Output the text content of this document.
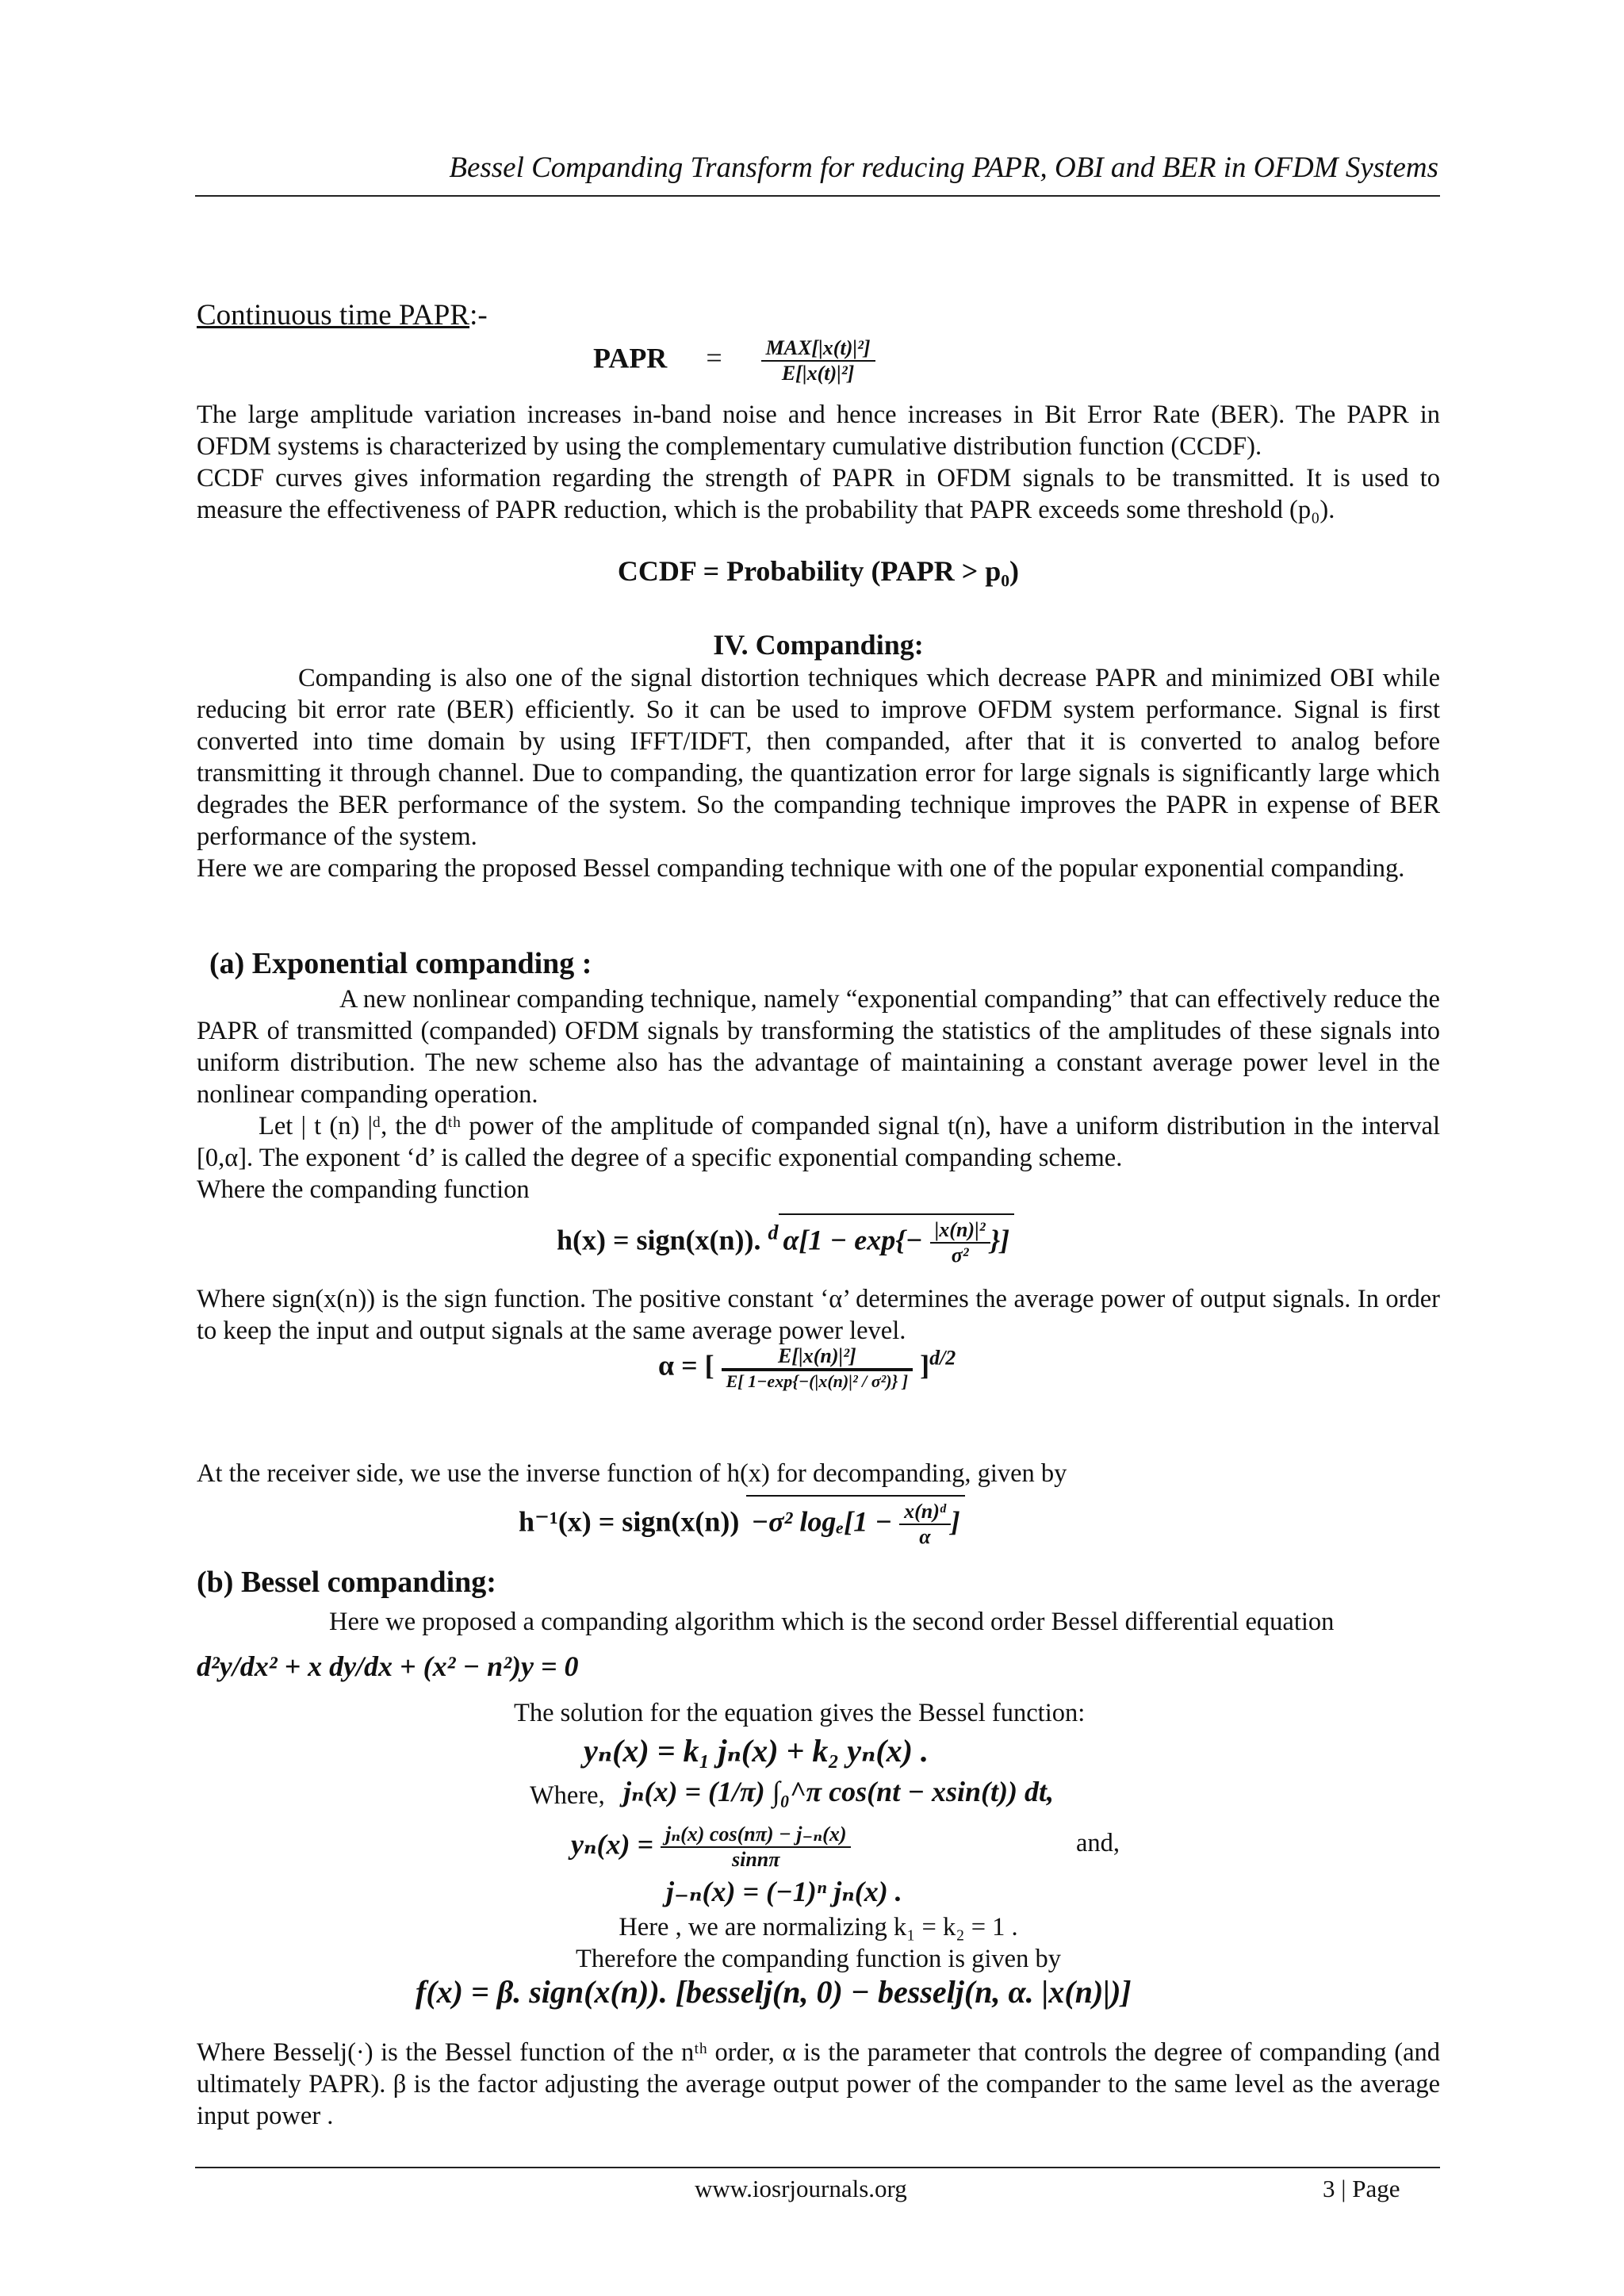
Bessel Companding Transform for reducing PAPR, OBI and BER in OFDM Systems
Continuous time PAPR:-
PAPR = $\frac{\text{MAX[|x(t)|²]}}{\text{E[|x(t)|²]}}$
The large amplitude variation increases in-band noise and hence increases in Bit Error Rate (BER). The PAPR in OFDM systems is characterized by using the complementary cumulative distribution function (CCDF).
CCDF curves gives information regarding the strength of PAPR in OFDM signals to be transmitted. It is used to measure the effectiveness of PAPR reduction, which is the probability that PAPR exceeds some threshold (p₀).
CCDF = Probability (PAPR > p₀)
IV. Companding:
Companding is also one of the signal distortion techniques which decrease PAPR and minimized OBI while reducing bit error rate (BER) efficiently. So it can be used to improve OFDM system performance. Signal is first converted into time domain by using IFFT/IDFT, then companded, after that it is converted to analog before transmitting it through channel. Due to companding, the quantization error for large signals is significantly large which degrades the BER performance of the system. So the companding technique improves the PAPR in expense of BER performance of the system.
Here we are comparing the proposed Bessel companding technique with one of the popular exponential companding.
(a) Exponential companding :
A new nonlinear companding technique, namely “exponential companding” that can effectively reduce the PAPR of transmitted (companded) OFDM signals by transforming the statistics of the amplitudes of these signals into uniform distribution. The new scheme also has the advantage of maintaining a constant average power level in the nonlinear companding operation.
Let | t (n) |ᵈ, the dᵗʰ power of the amplitude of companded signal t(n), have a uniform distribution in the interval [0,α]. The exponent ‘d’ is called the degree of a specific exponential companding scheme.
Where the companding function
h(x) = sign(x(n)). $^d$ $\alpha[1 - \exp\{- \frac{\text{|x(n)|²}}{\text{σ²}}$ }]
Where sign(x(n)) is the sign function. The positive constant ‘α’ determines the average power of output signals. In order to keep the input and output signals at the same average power level.
α = [ $\frac{\text{E[|x(n)|²]}}{\text{E[ 1−exp\{−(|x(n)|² / σ²)\} ]}} ]^{d/2}$
At the receiver side, we use the inverse function of h(x) for decompanding, given by
h⁻¹(x) = sign(x(n)) −σ² $\log_e[1 - \frac{\text{x(n)ᵈ}}{\alpha}$ ]
(b) Bessel companding:
Here we proposed a companding algorithm which is the second order Bessel differential equation
d²y/dx² + x dy/dx + (x² − n²)y = 0
The solution for the equation gives the Bessel function:
yₙ(x) = k₁ jₙ(x) + k₂ yₙ(x) .
Where, jₙ(x) = (1/π) ∫₀^π cos(nt − xsin(t)) dt,
$y_n(x) = \frac{\text{jₙ(x) cos(nπ) − j₋ₙ(x)}}{\sin n\pi}$	and,
j₋ₙ(x) = (−1)ⁿ jₙ(x) .
Here , we are normalizing k₁ = k₂ = 1 .
Therefore the companding function is given by
f(x) = β. sign(x(n)). [besselj(n, 0) − besselj(n, α. |x(n)|)]
Where Besselj(·) is the Bessel function of the nᵗʰ order, α is the parameter that controls the degree of companding (and ultimately PAPR). β is the factor adjusting the average output power of the compander to the same level as the average input power .
www.iosrjournals.org	3 | Page
